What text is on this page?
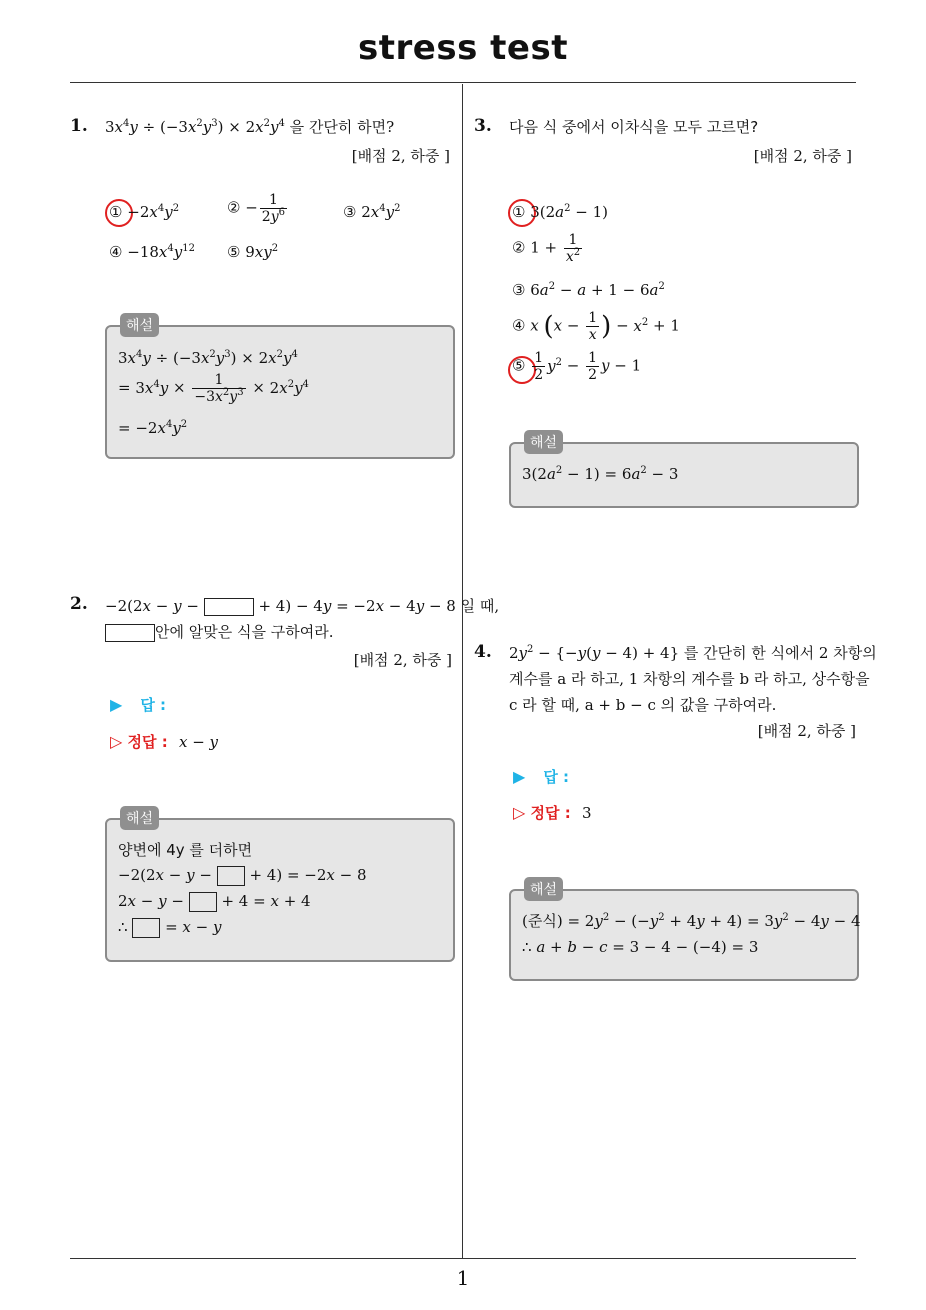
stress test
1
1. $3x^4y \div (-3x^2y^3) \times 2x^2y^4$ 을 간단히 하면?
[배점 2, 하중 ]
① $-2x^4y^2$	② − $\frac{1}{2y^6}$	③ $2x^4y^2$
④ $-18x^4y^{12}$ ⑤ $9xy^2$
해설
$3x^4y \div (-3x^2y^3) \times 2x^2y^4$
= $3x^4y \times \frac{1}{-3x^2y^3} \times 2x^2y^4$
= $-2x^4y^2$
2. −2(2x − y −	+ 4) − 4y = −2x − 4y − 8 일 때,
안에 알맞은 식을 구하여라.
[배점 2, 하중 ]
▶ 답 :
▷ 정답 : x − y
해설
양변에 4y 를 더하면
−2(2x − y −  + 4) = −2x − 8
2x − y −  + 4 = x + 4
∴  = x − y
3. 다음 식 중에서 이차식을 모두 고르면?
[배점 2, 하중 ]
① $3(2a^2 - 1)$
② $1 + \frac{1}{x^2}$
③ $6a^2 - a + 1 - 6a^2$
④ x ($x - \frac{1}{x}$ ) − $x^2 + 1$
⑤ $\frac{1}{2} y^2 - \frac{1}{2}$ y − 1
해설
$3(2a^2 - 1) = 6a^2 - 3$
4. $2y^2 - \{-y(y - 4) + 4\}$ 를 간단히 한 식에서 2 차항의
계수를 a 라 하고, 1 차항의 계수를 b 라 하고, 상수항을
c 라 할 때, a + b − c 의 값을 구하여라.
[배점 2, 하중 ]
▶ 답 :
▷ 정답 : 3
해설
(준식) = $2y^2 - (-y^2 + 4y + 4) = 3y^2 - 4y - 4$
∴ a + b − c = 3 − 4 − (−4) = 3
